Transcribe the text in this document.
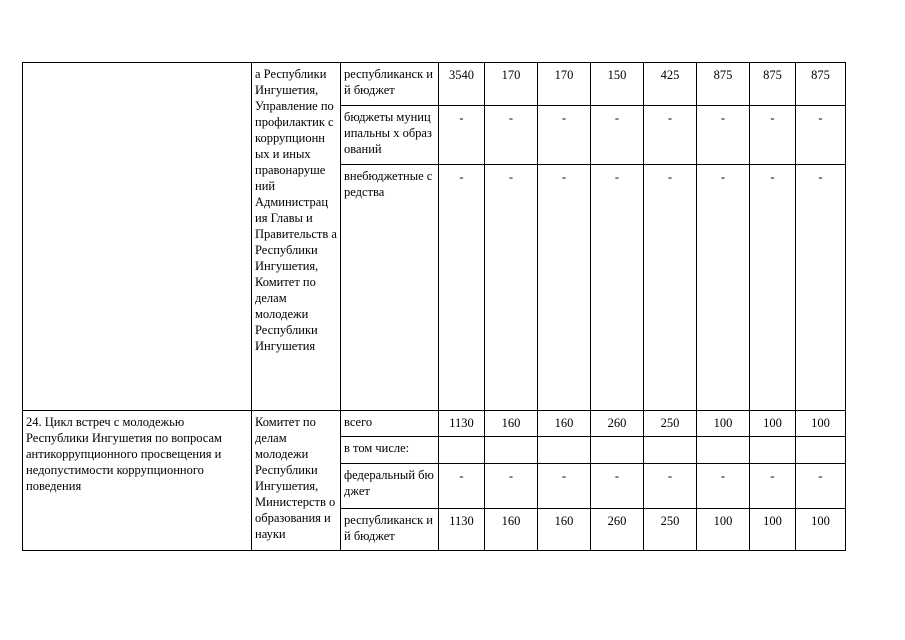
	а Республики Ингушетия, Управление по профилактик с коррупционн ых и иных правонаруше ний Администрац ия Главы и Правительств а Республики Ингушетия, Комитет по делам молодежи Республики Ингушетия	республиканск ий бюджет	3540	170	170	150	425	875	875	875
		бюджеты муниципальны х образований	-	-	-	-	-	-	-	-
		внебюджетные средства	-	-	-	-	-	-	-	-
24. Цикл встреч с молодежью Республики Ингушетия по вопросам антикоррупционного просвещения и недопустимости коррупционного поведения	Комитет по делам молодежи Республики Ингушетия, Министерств о образования и науки	всего	1130	160	160	260	250	100	100	100
		в том числе:								
		федеральный бюджет	-	-	-	-	-	-	-	-
		республиканск ий бюджет	1130	160	160	260	250	100	100	100
